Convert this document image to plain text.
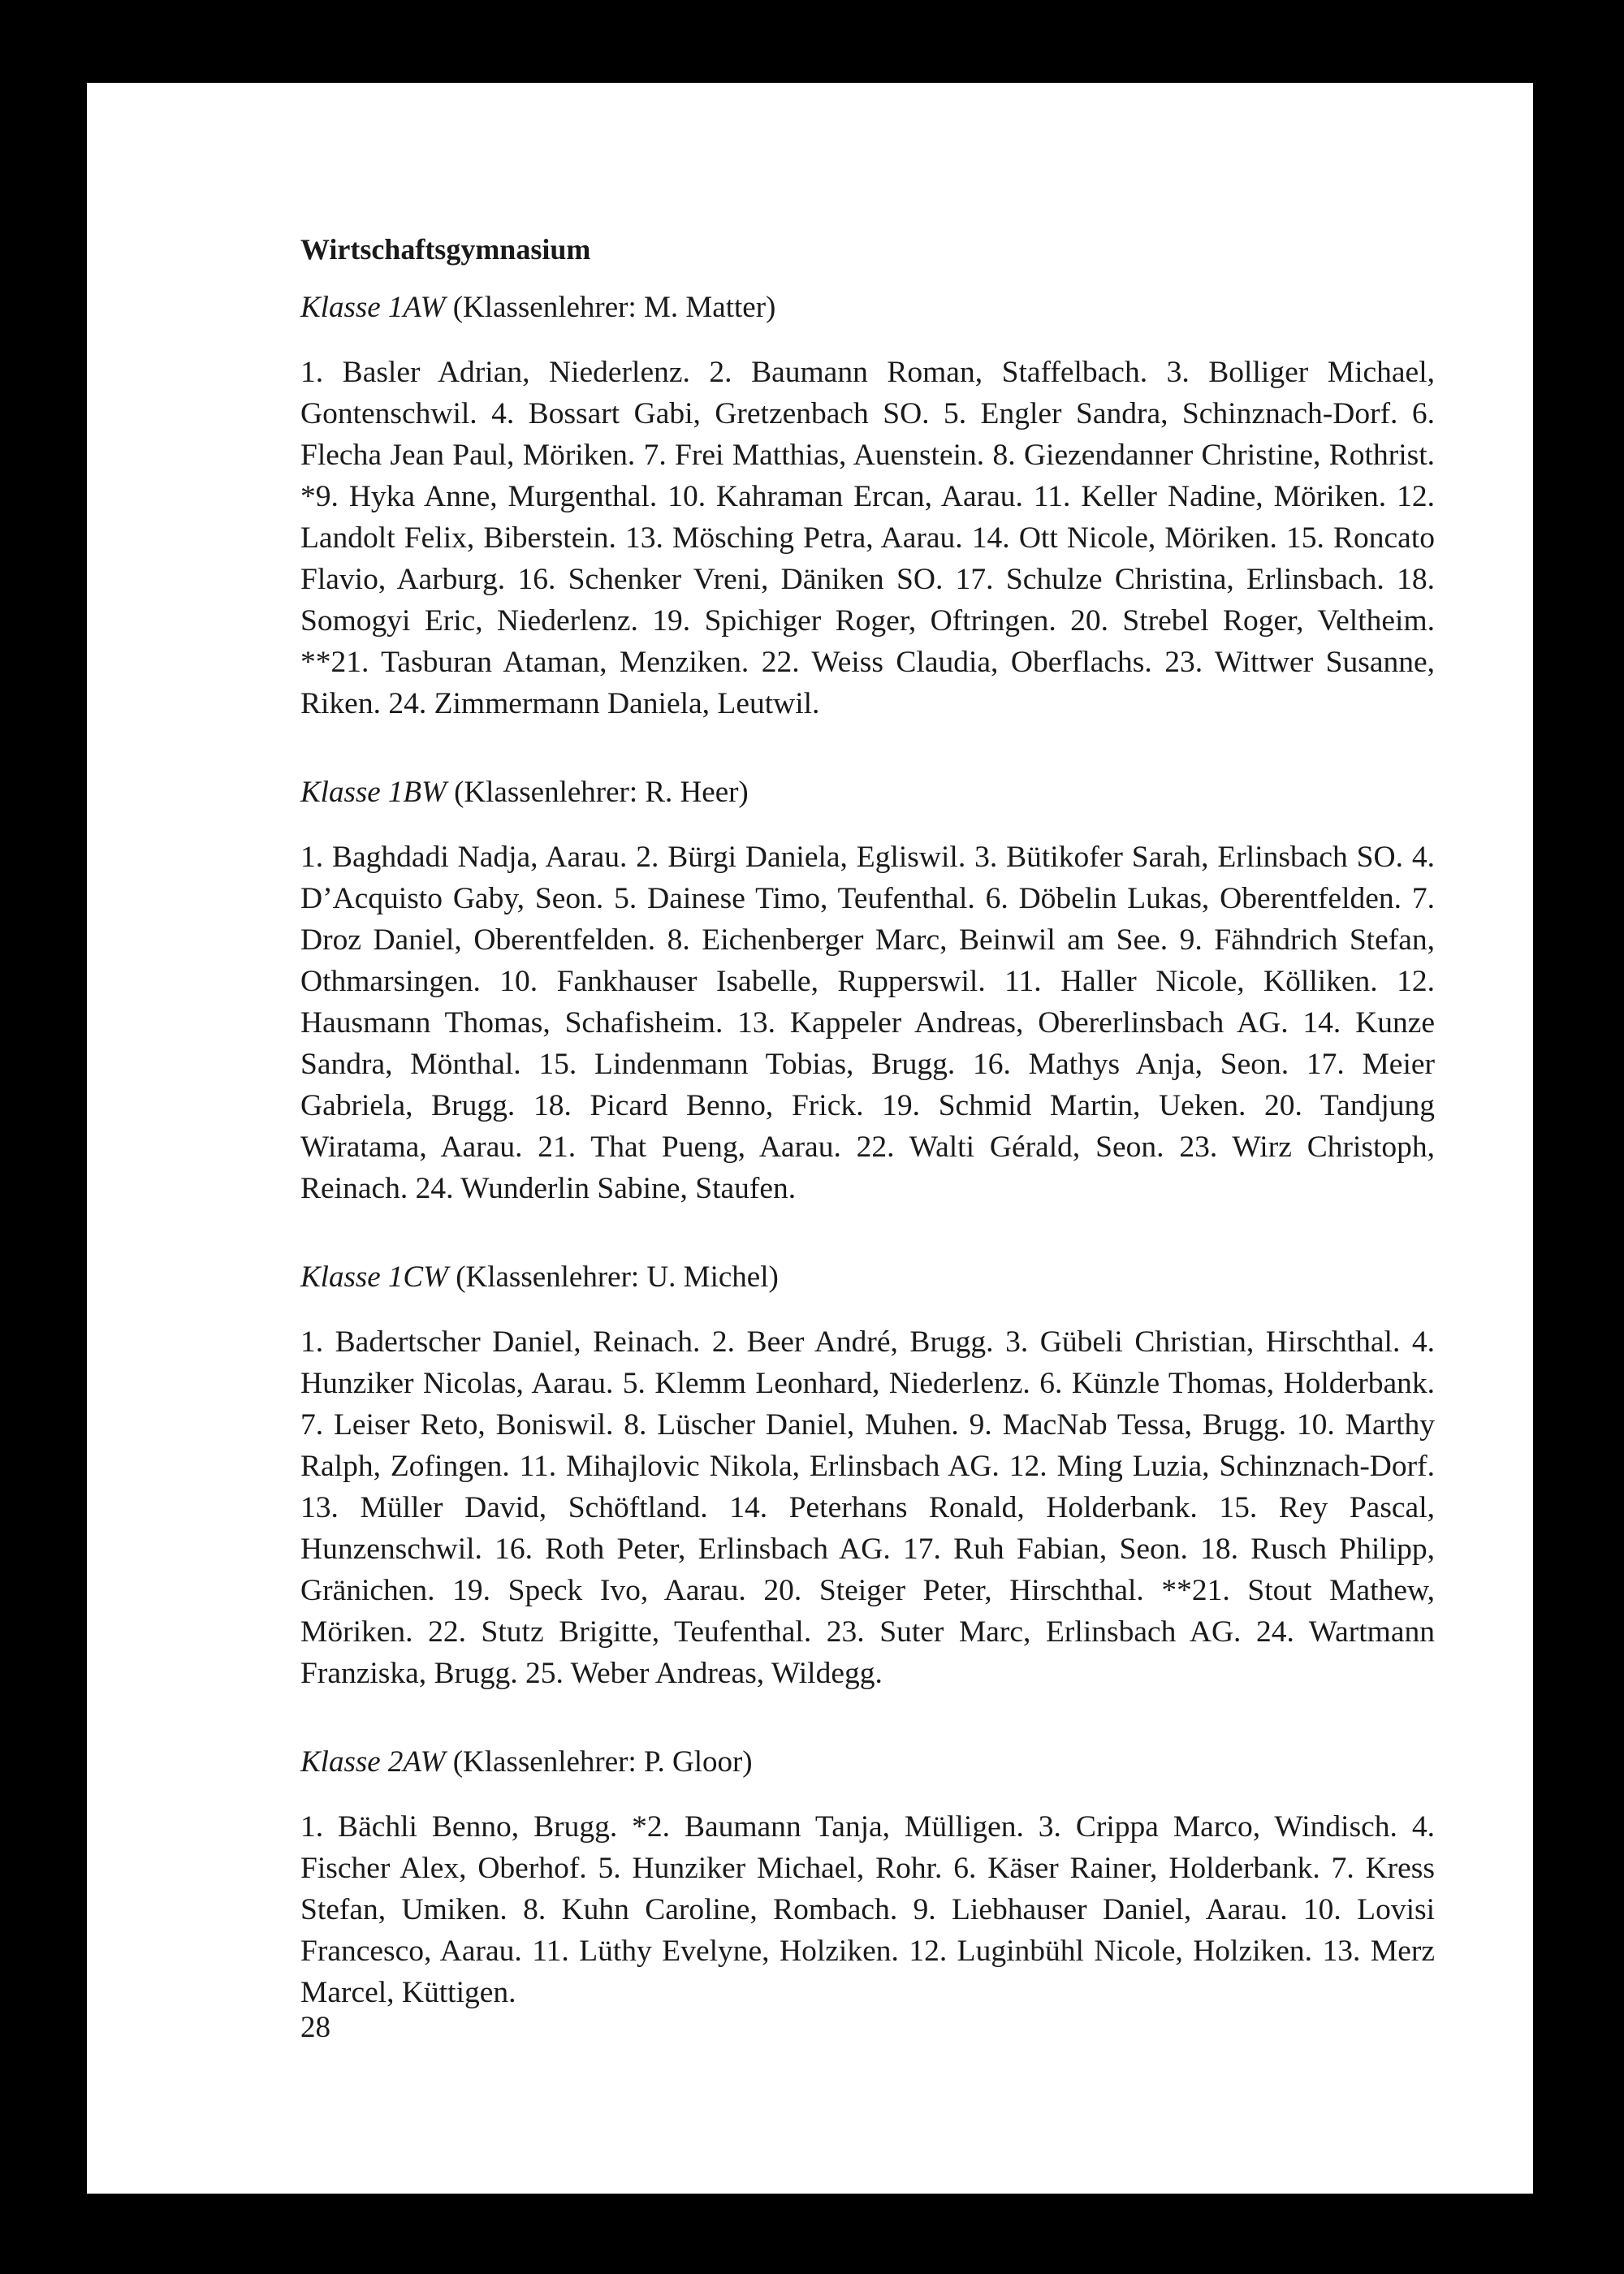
Wirtschaftsgymnasium
Klasse 1AW (Klassenlehrer: M. Matter)

1. Basler Adrian, Niederlenz. 2. Baumann Roman, Staffelbach. 3. Bolliger Michael, Gontenschwil. 4. Bossart Gabi, Gretzenbach SO. 5. Engler Sandra, Schinznach-Dorf. 6. Flecha Jean Paul, Möriken. 7. Frei Matthias, Auenstein. 8. Giezendanner Christine, Rothrist. *9. Hyka Anne, Murgenthal. 10. Kahraman Ercan, Aarau. 11. Keller Nadine, Möriken. 12. Landolt Felix, Biberstein. 13. Mösching Petra, Aarau. 14. Ott Nicole, Möriken. 15. Roncato Flavio, Aarburg. 16. Schenker Vreni, Däniken SO. 17. Schulze Christina, Erlinsbach. 18. Somogyi Eric, Niederlenz. 19. Spichiger Roger, Oftringen. 20. Strebel Roger, Veltheim. **21. Tasburan Ataman, Menziken. 22. Weiss Claudia, Oberflachs. 23. Wittwer Susanne, Riken. 24. Zimmermann Daniela, Leutwil.

Klasse 1BW (Klassenlehrer: R. Heer)

1. Baghdadi Nadja, Aarau. 2. Bürgi Daniela, Egliswil. 3. Bütikofer Sarah, Erlinsbach SO. 4. D’Acquisto Gaby, Seon. 5. Dainese Timo, Teufenthal. 6. Döbelin Lukas, Oberentfelden. 7. Droz Daniel, Oberentfelden. 8. Eichenberger Marc, Beinwil am See. 9. Fähndrich Stefan, Othmarsingen. 10. Fankhauser Isabelle, Rupperswil. 11. Haller Nicole, Kölliken. 12. Hausmann Thomas, Schafisheim. 13. Kappeler Andreas, Obererlinsbach AG. 14. Kunze Sandra, Mönthal. 15. Lindenmann Tobias, Brugg. 16. Mathys Anja, Seon. 17. Meier Gabriela, Brugg. 18. Picard Benno, Frick. 19. Schmid Martin, Ueken. 20. Tandjung Wiratama, Aarau. 21. That Pueng, Aarau. 22. Walti Gérald, Seon. 23. Wirz Christoph, Reinach. 24. Wunderlin Sabine, Staufen.

Klasse 1CW (Klassenlehrer: U. Michel)

1. Badertscher Daniel, Reinach. 2. Beer André, Brugg. 3. Gübeli Christian, Hirschthal. 4. Hunziker Nicolas, Aarau. 5. Klemm Leonhard, Niederlenz. 6. Künzle Thomas, Holderbank. 7. Leiser Reto, Boniswil. 8. Lüscher Daniel, Muhen. 9. MacNab Tessa, Brugg. 10. Marthy Ralph, Zofingen. 11. Mihajlovic Nikola, Erlinsbach AG. 12. Ming Luzia, Schinznach-Dorf. 13. Müller David, Schöftland. 14. Peterhans Ronald, Holderbank. 15. Rey Pascal, Hunzenschwil. 16. Roth Peter, Erlinsbach AG. 17. Ruh Fabian, Seon. 18. Rusch Philipp, Gränichen. 19. Speck Ivo, Aarau. 20. Steiger Peter, Hirschthal. **21. Stout Mathew, Möriken. 22. Stutz Brigitte, Teufenthal. 23. Suter Marc, Erlinsbach AG. 24. Wartmann Franziska, Brugg. 25. Weber Andreas, Wildegg.

Klasse 2AW (Klassenlehrer: P. Gloor)

1. Bächli Benno, Brugg. *2. Baumann Tanja, Mülligen. 3. Crippa Marco, Windisch. 4. Fischer Alex, Oberhof. 5. Hunziker Michael, Rohr. 6. Käser Rainer, Holderbank. 7. Kress Stefan, Umiken. 8. Kuhn Caroline, Rombach. 9. Liebhauser Daniel, Aarau. 10. Lovisi Francesco, Aarau. 11. Lüthy Evelyne, Holziken. 12. Luginbühl Nicole, Holziken. 13. Merz Marcel, Küttigen.

28
